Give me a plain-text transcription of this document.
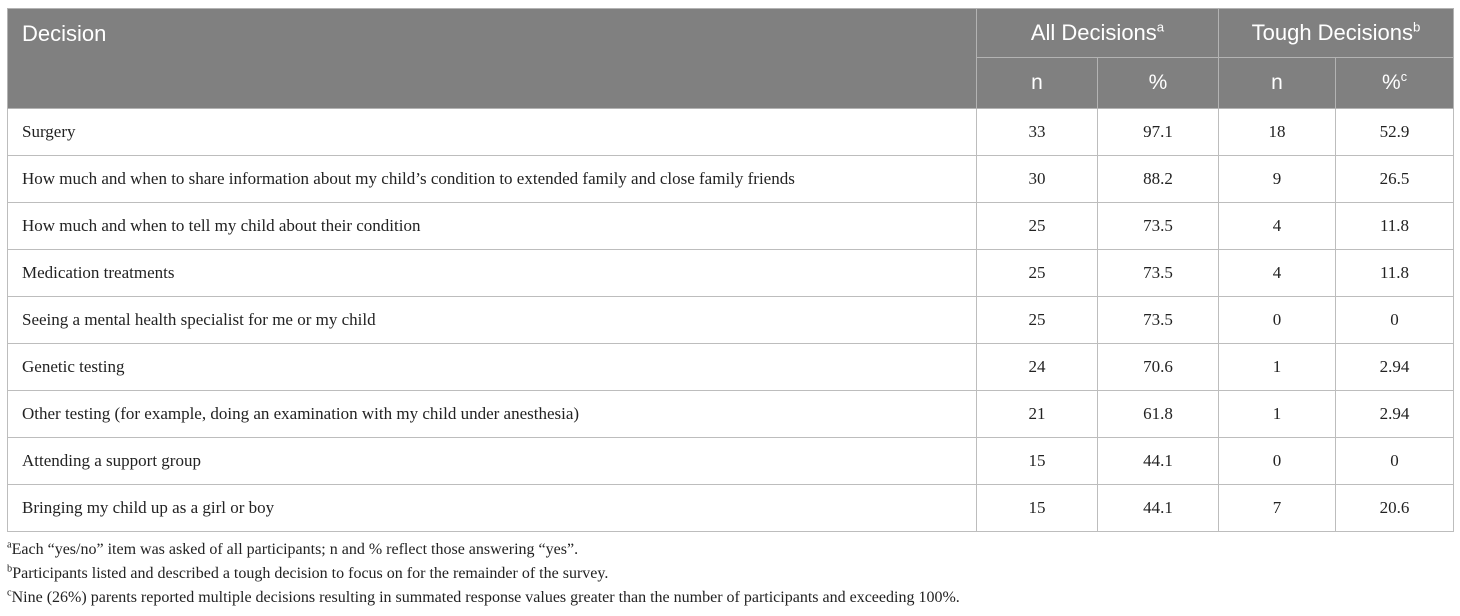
Decision	All Decisions$^a$		Tough Decisions$^b$
	n	%	n	%$^c$
Surgery	33	97.1	18	52.9
How much and when to share information about my child’s condition to extended family and close family friends	30	88.2	9	26.5
How much and when to tell my child about their condition	25	73.5	4	11.8
Medication treatments	25	73.5	4	11.8
Seeing a mental health specialist for me or my child	25	73.5	0	0
Genetic testing	24	70.6	1	2.94
Other testing (for example, doing an examination with my child under anesthesia)	21	61.8	1	2.94
Attending a support group	15	44.1	0	0
Bringing my child up as a girl or boy	15	44.1	7	20.6
$^a$Each “yes/no” item was asked of all participants; n and % reflect those answering “yes”.
$^b$Participants listed and described a tough decision to focus on for the remainder of the survey.
$^c$Nine (26%) parents reported multiple decisions resulting in summated response values greater than the number of participants and exceeding 100%.
